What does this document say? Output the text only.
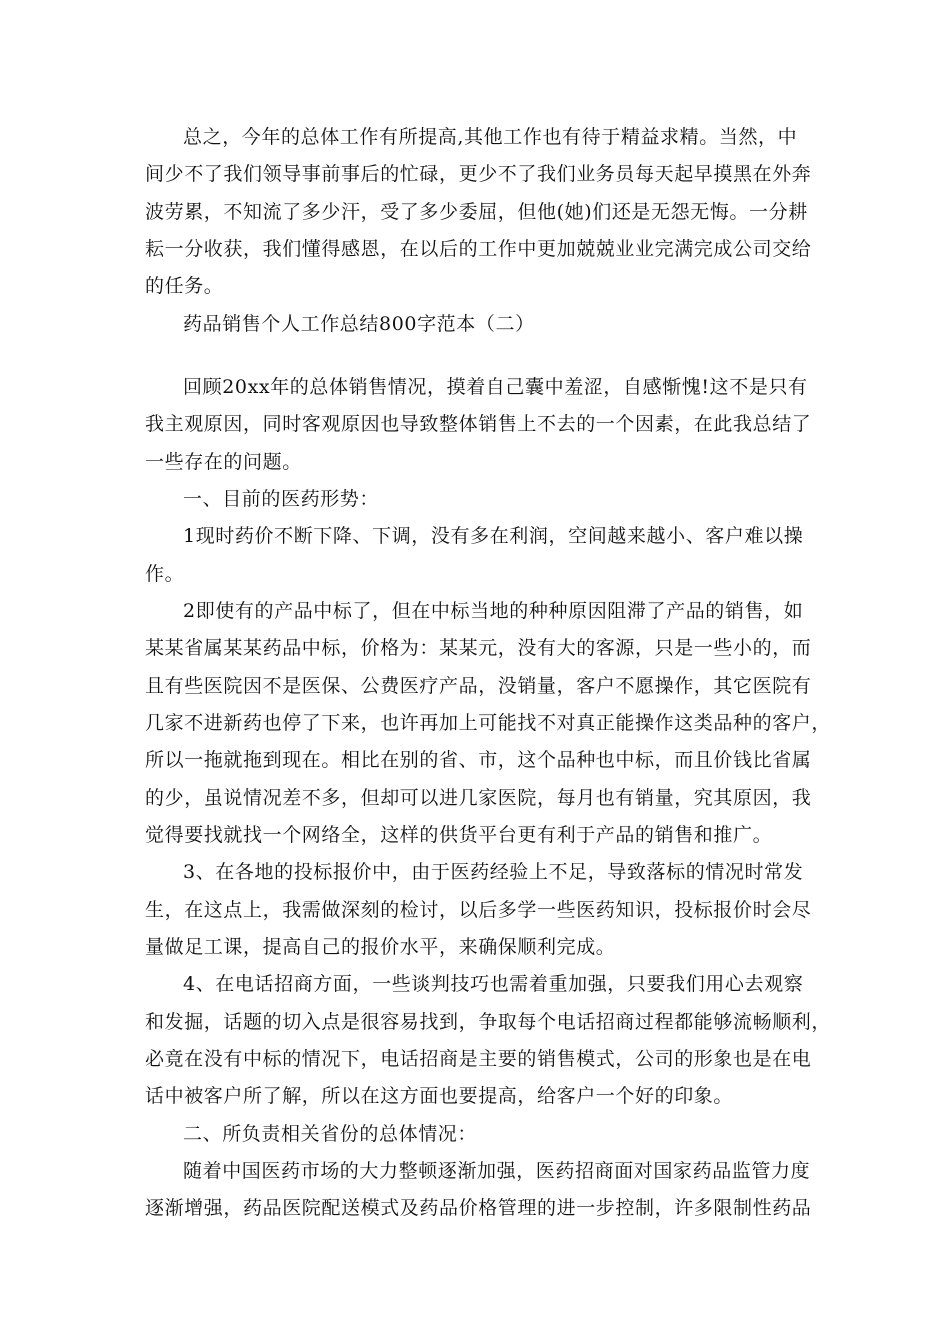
总之，今年的总体工作有所提高,其他工作也有待于精益求精。当然，中
间少不了我们领导事前事后的忙碌，更少不了我们业务员每天起早摸黑在外奔
波劳累，不知流了多少汗，受了多少委屈，但他(她)们还是无怨无悔。一分耕
耘一分收获，我们懂得感恩，在以后的工作中更加兢兢业业完满完成公司交给
的任务。
药品销售个人工作总结800字范本（二）
回顾20xx年的总体销售情况，摸着自己囊中羞涩，自感惭愧!这不是只有
我主观原因，同时客观原因也导致整体销售上不去的一个因素，在此我总结了
一些存在的问题。
一、目前的医药形势：
1现时药价不断下降、下调，没有多在利润，空间越来越小、客户难以操
作。
2即使有的产品中标了，但在中标当地的种种原因阻滞了产品的销售，如
某某省属某某药品中标，价格为：某某元，没有大的客源，只是一些小的，而
且有些医院因不是医保、公费医疗产品，没销量，客户不愿操作，其它医院有
几家不进新药也停了下来，也许再加上可能找不对真正能操作这类品种的客户，
所以一拖就拖到现在。相比在别的省、市，这个品种也中标，而且价钱比省属
的少，虽说情况差不多，但却可以进几家医院，每月也有销量，究其原因，我
觉得要找就找一个网络全，这样的供货平台更有利于产品的销售和推广。
3、在各地的投标报价中，由于医药经验上不足，导致落标的情况时常发
生，在这点上，我需做深刻的检讨，以后多学一些医药知识，投标报价时会尽
量做足工课，提高自己的报价水平，来确保顺利完成。
4、在电话招商方面，一些谈判技巧也需着重加强，只要我们用心去观察
和发掘，话题的切入点是很容易找到，争取每个电话招商过程都能够流畅顺利，
必竟在没有中标的情况下，电话招商是主要的销售模式，公司的形象也是在电
话中被客户所了解，所以在这方面也要提高，给客户一个好的印象。
二、所负责相关省份的总体情况：
随着中国医药市场的大力整顿逐渐加强，医药招商面对国家药品监管力度
逐渐增强，药品医院配送模式及药品价格管理的进一步控制，许多限制性药品
